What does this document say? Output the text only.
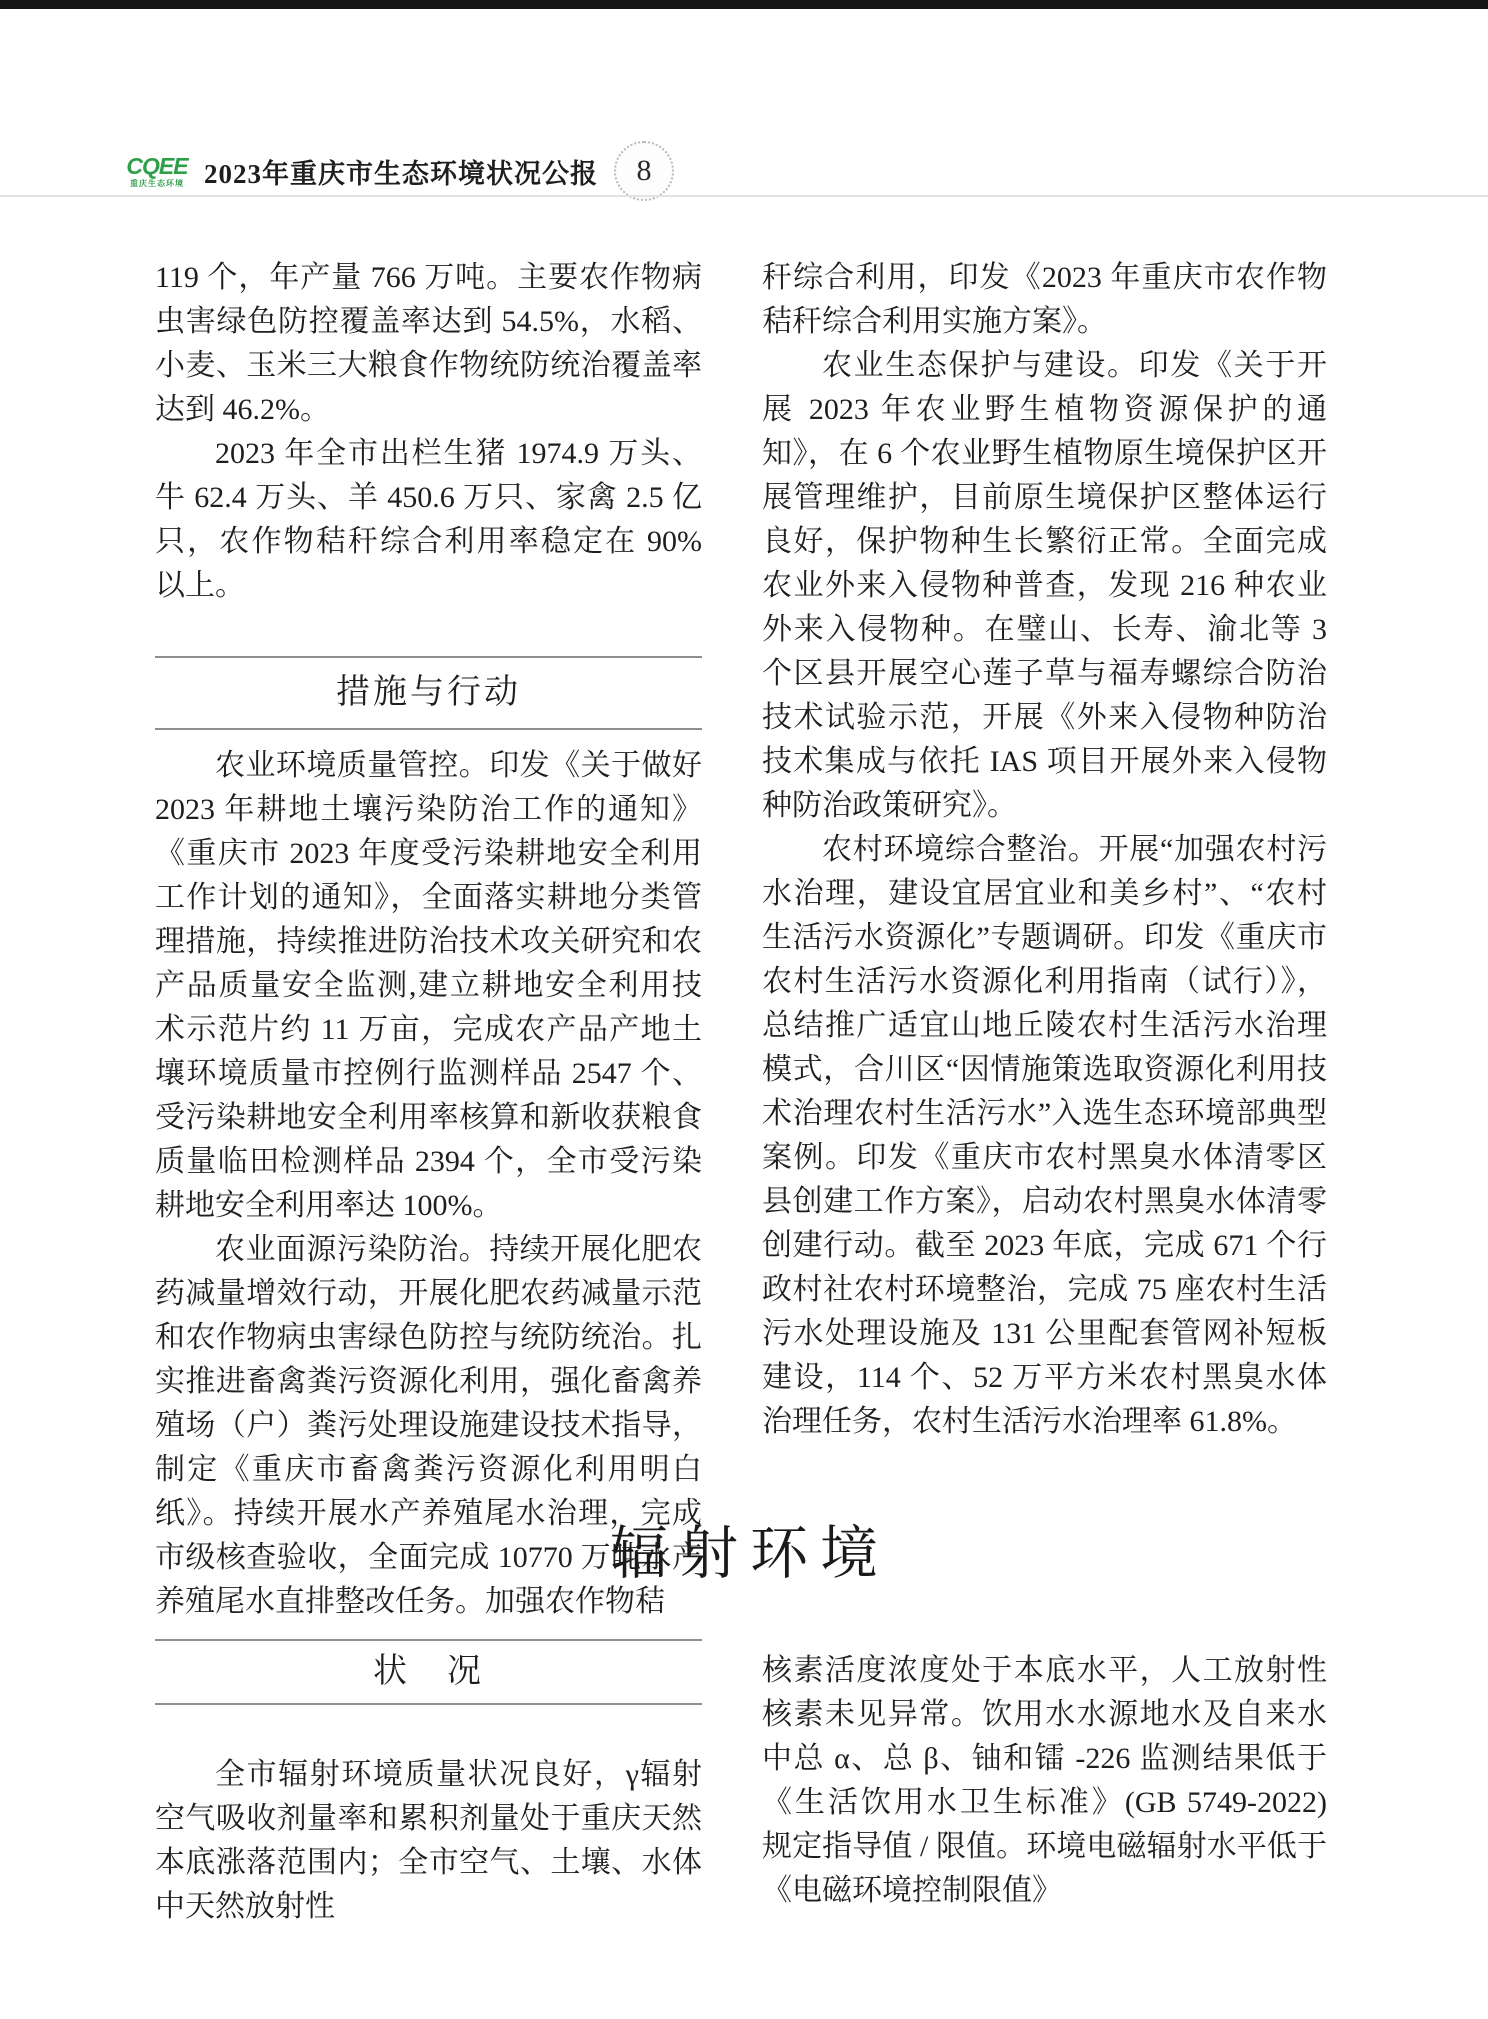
CQEE
重庆生态环境 2023年重庆市生态环境状况公报 8

119 个，年产量 766 万吨。主要农作物病虫害绿色防控覆盖率达到 54.5%，水稻、小麦、玉米三大粮食作物统防统治覆盖率达到 46.2%。

2023 年全市出栏生猪 1974.9 万头、牛 62.4 万头、羊 450.6 万只、家禽 2.5 亿只，农作物秸秆综合利用率稳定在 90% 以上。

措施与行动

农业环境质量管控。印发《关于做好 2023 年耕地土壤污染防治工作的通知》《重庆市 2023 年度受污染耕地安全利用工作计划的通知》，全面落实耕地分类管理措施，持续推进防治技术攻关研究和农产品质量安全监测,建立耕地安全利用技术示范片约 11 万亩，完成农产品产地土壤环境质量市控例行监测样品 2547 个、受污染耕地安全利用率核算和新收获粮食质量临田检测样品 2394 个，全市受污染耕地安全利用率达 100%。

农业面源污染防治。持续开展化肥农药减量增效行动，开展化肥农药减量示范和农作物病虫害绿色防控与统防统治。扎实推进畜禽粪污资源化利用，强化畜禽养殖场（户）粪污处理设施建设技术指导，制定《重庆市畜禽粪污资源化利用明白纸》。持续开展水产养殖尾水治理，完成市级核查验收，全面完成 10770 万吨水产养殖尾水直排整改任务。加强农作物秸

秆综合利用，印发《2023 年重庆市农作物秸秆综合利用实施方案》。

农业生态保护与建设。印发《关于开展 2023 年农业野生植物资源保护的通知》，在 6 个农业野生植物原生境保护区开展管理维护，目前原生境保护区整体运行良好，保护物种生长繁衍正常。全面完成农业外来入侵物种普查，发现 216 种农业外来入侵物种。在璧山、长寿、渝北等 3 个区县开展空心莲子草与福寿螺综合防治技术试验示范，开展《外来入侵物种防治技术集成与依托 IAS 项目开展外来入侵物种防治政策研究》。

农村环境综合整治。开展“加强农村污水治理，建设宜居宜业和美乡村”、“农村生活污水资源化”专题调研。印发《重庆市农村生活污水资源化利用指南（试行）》，总结推广适宜山地丘陵农村生活污水治理模式，合川区“因情施策选取资源化利用技术治理农村生活污水”入选生态环境部典型案例。印发《重庆市农村黑臭水体清零区县创建工作方案》，启动农村黑臭水体清零创建行动。截至 2023 年底，完成 671 个行政村社农村环境整治，完成 75 座农村生活污水处理设施及 131 公里配套管网补短板建设，114 个、52 万平方米农村黑臭水体治理任务，农村生活污水治理率 61.8%。

辐射环境
状　况

全市辐射环境质量状况良好，γ辐射空气吸收剂量率和累积剂量处于重庆天然本底涨落范围内；全市空气、土壤、水体中天然放射性

核素活度浓度处于本底水平，人工放射性核素未见异常。饮用水水源地水及自来水中总 α、总 β、铀和镭 -226 监测结果低于《生活饮用水卫生标准》(GB 5749-2022) 规定指导值 / 限值。环境电磁辐射水平低于《电磁环境控制限值》
